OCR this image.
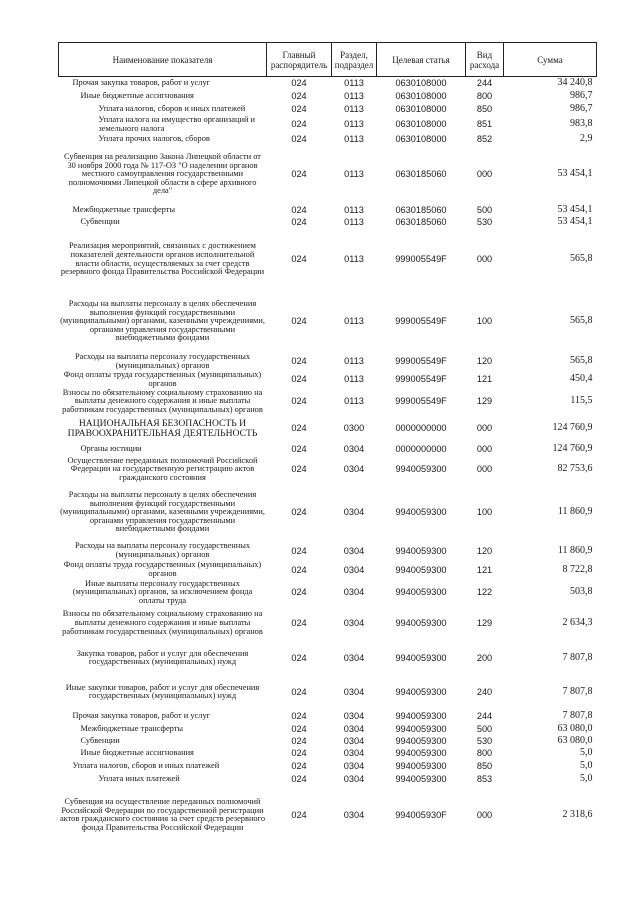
Наименование показателя	Главный распорядитель	Раздел, подраздел	Целевая статья	Вид расхода	Сумма
Прочая закупка товаров, работ и услуг	024	0113	0630108000	244	34 240,8
Иные бюджетные ассигнования	024	0113	0630108000	800	986,7
Уплата налогов, сборов и иных платежей	024	0113	0630108000	850	986,7
Уплата налога на имущество организаций и земельного налога	024	0113	0630108000	851	983,8
Уплата прочих налогов, сборов	024	0113	0630108000	852	2,9
Субвенция на реализацию Закона Липецкой области от 30 ноября 2000 года № 117-ОЗ "О наделении органов местного самоуправления государственными полномочиями Липецкой области в сфере архивного дела"	024	0113	0630185060	000	53 454,1
Межбюджетные трансферты	024	0113	0630185060	500	53 454,1
Субвенции	024	0113	0630185060	530	53 454,1
Реализация мероприятий, связанных с достижением показателей деятельности органов исполнительной власти области, осуществляемых за счет средств резервного фонда Правительства Российской Федерации	024	0113	999005549F	000	565,8
Расходы на выплаты персоналу в целях обеспечения выполнения функций государственными (муниципальными) органами, казенными учреждениями, органами управления государственными внебюджетными фондами	024	0113	999005549F	100	565,8
Расходы на выплаты персоналу государственных (муниципальных) органов	024	0113	999005549F	120	565,8
Фонд оплаты труда государственных (муниципальных) органов	024	0113	999005549F	121	450,4
Взносы по обязательному социальному страхованию на выплаты денежного содержания и иные выплаты работникам государственных (муниципальных) органов	024	0113	999005549F	129	115,5
НАЦИОНАЛЬНАЯ БЕЗОПАСНОСТЬ И ПРАВООХРАНИТЕЛЬНАЯ ДЕЯТЕЛЬНОСТЬ	024	0300	0000000000	000	124 760,9
Органы юстиции	024	0304	0000000000	000	124 760,9
Осуществление переданных полномочий Российской Федерации на государственную регистрацию актов гражданского состояния	024	0304	9940059300	000	82 753,6
Расходы на выплаты персоналу в целях обеспечения выполнения функций государственными (муниципальными) органами, казенными учреждениями, органами управления государственными внебюджетными фондами	024	0304	9940059300	100	11 860,9
Расходы на выплаты персоналу государственных (муниципальных) органов	024	0304	9940059300	120	11 860,9
Фонд оплаты труда государственных (муниципальных) органов	024	0304	9940059300	121	8 722,8
Иные выплаты персоналу государственных (муниципальных) органов, за исключением фонда оплаты труда	024	0304	9940059300	122	503,8
Взносы по обязательному социальному страхованию на выплаты денежного содержания и иные выплаты работникам государственных (муниципальных) органов	024	0304	9940059300	129	2 634,3
Закупка товаров, работ и услуг для обеспечения государственных (муниципальных) нужд	024	0304	9940059300	200	7 807,8
Иные закупки товаров, работ и услуг для обеспечения государственных (муниципальных) нужд	024	0304	9940059300	240	7 807,8
Прочая закупка товаров, работ и услуг	024	0304	9940059300	244	7 807,8
Межбюджетные трансферты	024	0304	9940059300	500	63 080,0
Субвенции	024	0304	9940059300	530	63 080,0
Иные бюджетные ассигнования	024	0304	9940059300	800	5,0
Уплата налогов, сборов и иных платежей	024	0304	9940059300	850	5,0
Уплата иных платежей	024	0304	9940059300	853	5,0
Субвенция на осуществление переданных полномочий Российской Федерации по государственной регистрации актов гражданского состояния за счет средств резервного фонда Правительства Российской Федерации	024	0304	994005930F	000	2 318,6
